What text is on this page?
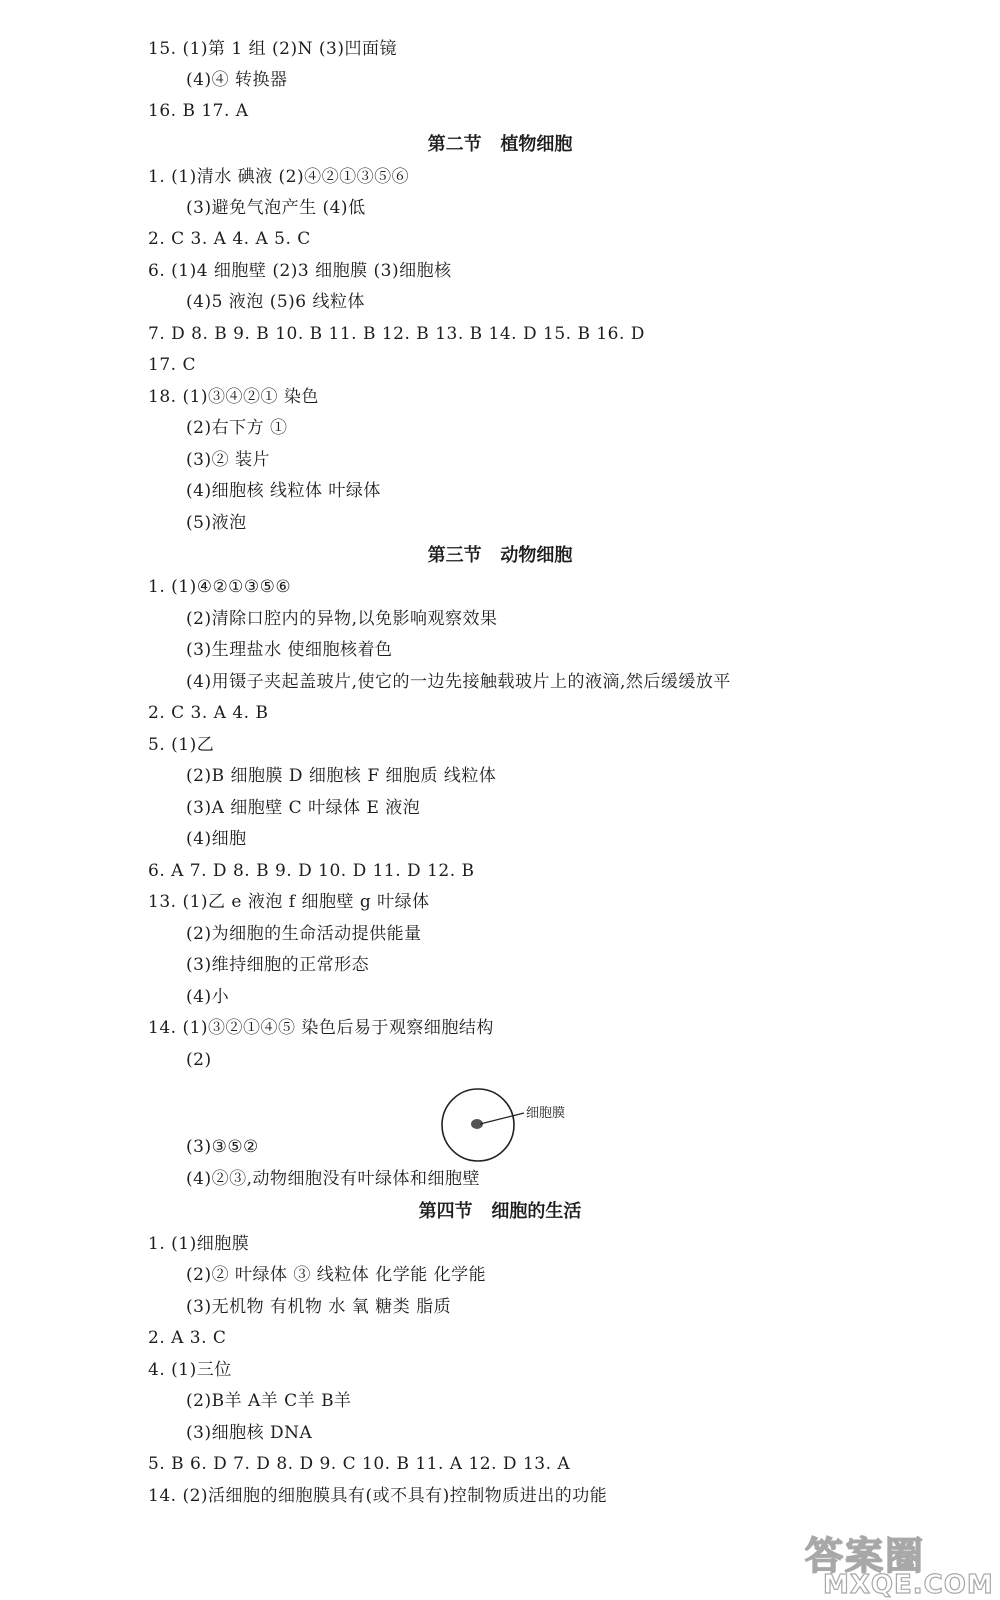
15. (1)第 1 组 (2)N (3)凹面镜
(4)④ 转换器
16. B 17. A
第二节   植物细胞
1. (1)清水 碘液 (2)④②①③⑤⑥
(3)避免气泡产生 (4)低
2. C 3. A 4. A 5. C
6. (1)4 细胞壁 (2)3 细胞膜 (3)细胞核
(4)5 液泡 (5)6 线粒体
7. D 8. B 9. B 10. B 11. B 12. B 13. B 14. D 15. B 16. D
17. C
18. (1)③④②① 染色
(2)右下方 ①
(3)② 装片
(4)细胞核 线粒体 叶绿体
(5)液泡
第三节   动物细胞
1. (1)④②①③⑤⑥
(2)清除口腔内的异物,以免影响观察效果
(3)生理盐水 使细胞核着色
(4)用镊子夹起盖玻片,使它的一边先接触载玻片上的液滴,然后缓缓放平
2. C 3. A 4. B
5. (1)乙
(2)B 细胞膜 D 细胞核 F 细胞质 线粒体
(3)A 细胞壁 C 叶绿体 E 液泡
(4)细胞
6. A 7. D 8. B 9. D 10. D 11. D 12. B
13. (1)乙 e 液泡 f 细胞壁 g 叶绿体
(2)为细胞的生命活动提供能量
(3)维持细胞的正常形态
(4)小
14. (1)③②①④⑤ 染色后易于观察细胞结构
(2)
细胞膜
(3)③⑤②
(4)②③,动物细胞没有叶绿体和细胞壁
第四节   细胞的生活
1. (1)细胞膜
(2)② 叶绿体 ③ 线粒体 化学能 化学能
(3)无机物 有机物 水 氧 糖类 脂质
2. A 3. C
4. (1)三位
(2)B羊 A羊 C羊 B羊
(3)细胞核 DNA
5. B 6. D 7. D 8. D 9. C 10. B 11. A 12. D 13. A
14. (2)活细胞的细胞膜具有(或不具有)控制物质进出的功能
答案圈
MXQE.COM
